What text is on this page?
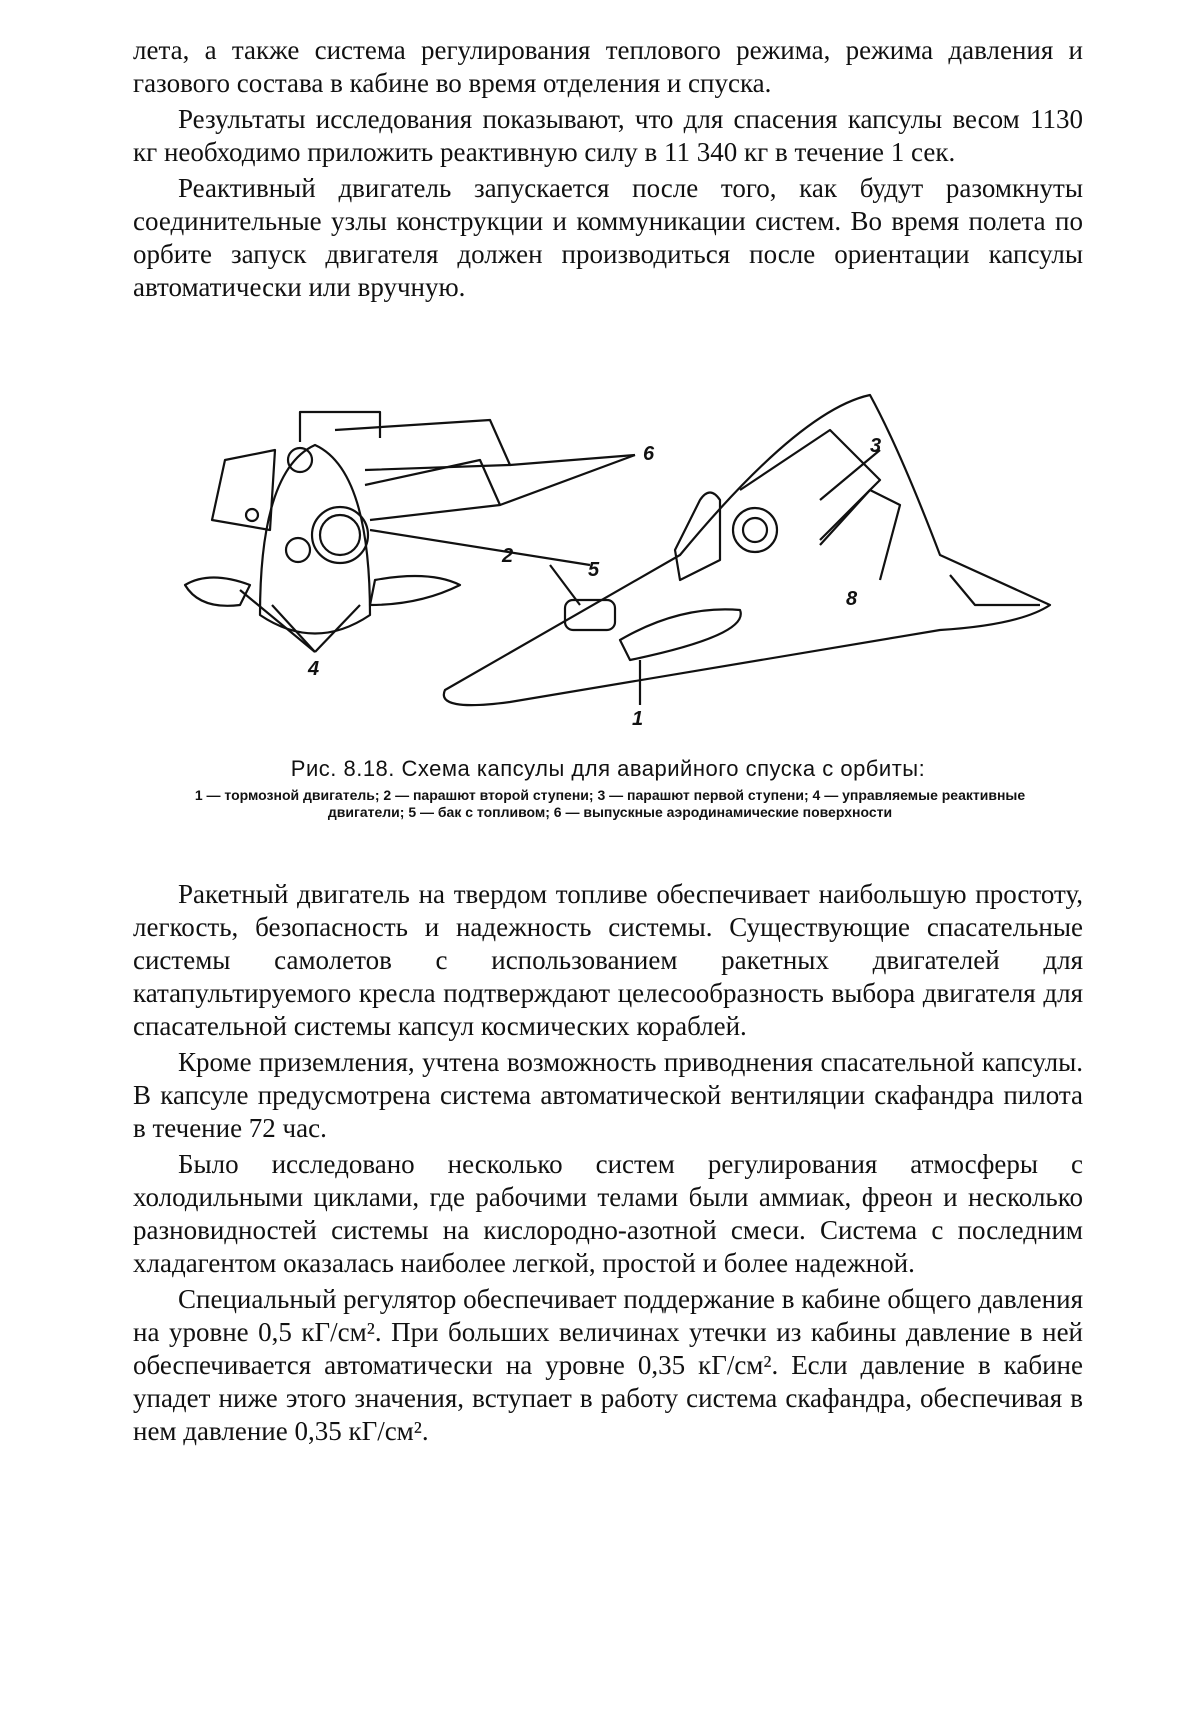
лета, а также система регулирования теплового режима, режима давления и газового состава в кабине во время отделения и спуска.

Результаты исследования показывают, что для спасения капсулы весом 1130 кг необходимо приложить реактивную силу в 11 340 кг в течение 1 сек.

Реактивный двигатель запускается после того, как будут разомкнуты соединительные узлы конструкции и коммуникации систем. Во время полета по орбите запуск двигателя должен производиться после ориентации капсулы автоматически или вручную.

6
5
4
3
2
1
8
Рис. 8.18. Схема капсулы для аварийного спуска с орбиты:
1 — тормозной двигатель; 2 — парашют второй ступени; 3 — парашют первой ступени; 4 — управляемые реактивные двигатели; 5 — бак с топливом; 6 — выпускные аэродинамические поверхности

Ракетный двигатель на твердом топливе обеспечивает наибольшую простоту, легкость, безопасность и надежность системы. Существующие спасательные системы самолетов с использованием ракетных двигателей для катапультируемого кресла подтверждают целесообразность выбора двигателя для спасательной системы капсул космических кораблей.

Кроме приземления, учтена возможность приводнения спасательной капсулы. В капсуле предусмотрена система автоматической вентиляции скафандра пилота в течение 72 час.

Было исследовано несколько систем регулирования атмосферы с холодильными циклами, где рабочими телами были аммиак, фреон и несколько разновидностей системы на кислородно-азотной смеси. Система с последним хладагентом оказалась наиболее легкой, простой и более надежной.

Специальный регулятор обеспечивает поддержание в кабине общего давления на уровне 0,5 кГ/см². При больших величинах утечки из кабины давление в ней обеспечивается автоматически на уровне 0,35 кГ/см². Если давление в кабине упадет ниже этого значения, вступает в работу система скафандра, обеспечивая в нем давление 0,35 кГ/см².
